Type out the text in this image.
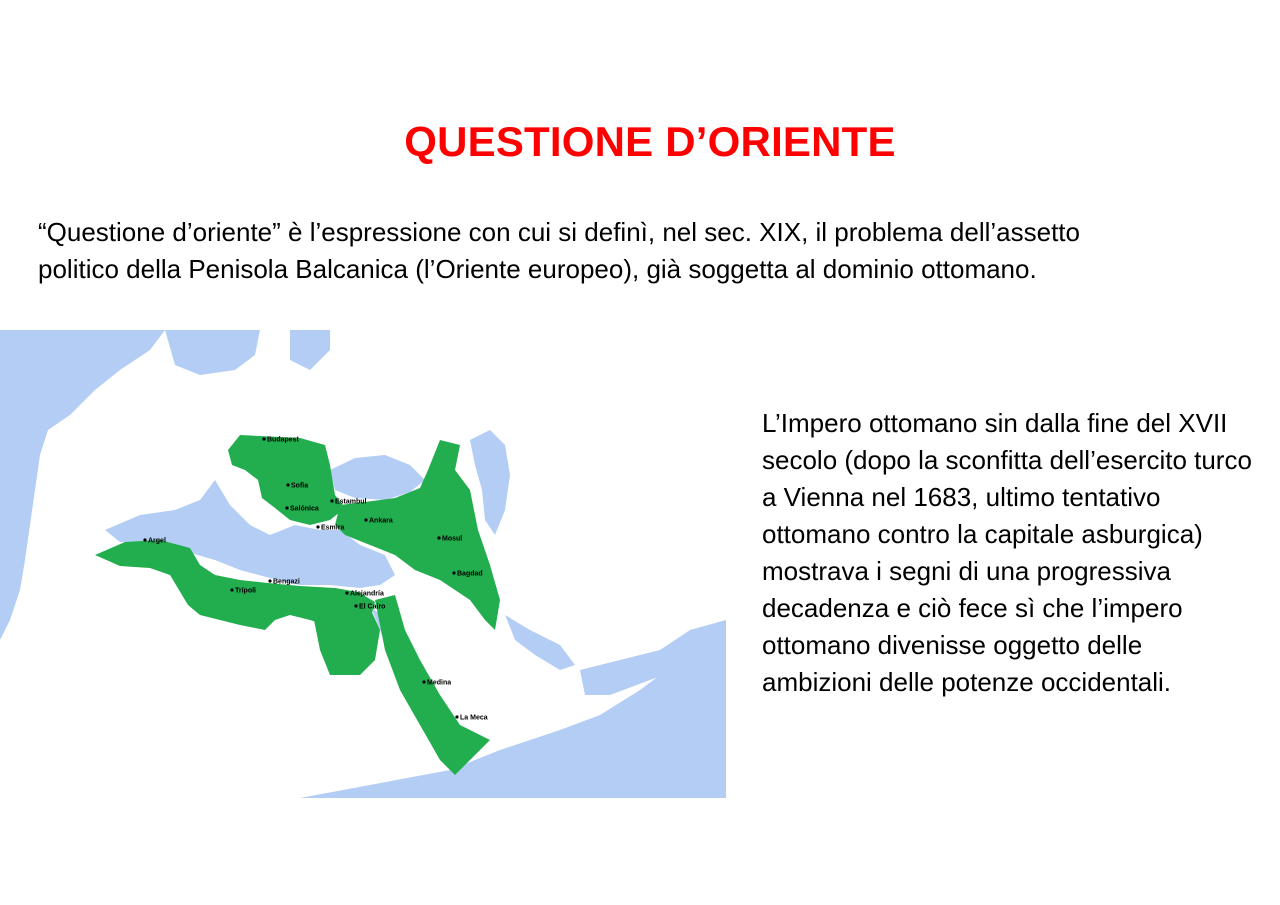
QUESTIONE D’ORIENTE

“Questione d’oriente” è l’espressione con cui si definì, nel sec. XIX, il problema dell’assetto

politico della Penisola Balcanica (l’Oriente europeo), già soggetta al dominio ottomano.

Budapest
Sofia
Estambul
Salónica
Esmira
Ankara
Mosul
Argel
Bagdad
Bengazi
Trípoli	Alejandría
El Cairo
Medina
La Meca

L’Impero ottomano sin dalla fine del XVII

secolo (dopo la sconfitta dell’esercito turco

a Vienna nel 1683, ultimo tentativo

ottomano contro la capitale asburgica)

mostrava i segni di una progressiva

decadenza e ciò fece sì che l’impero

ottomano divenisse oggetto delle

ambizioni delle potenze occidentali.
